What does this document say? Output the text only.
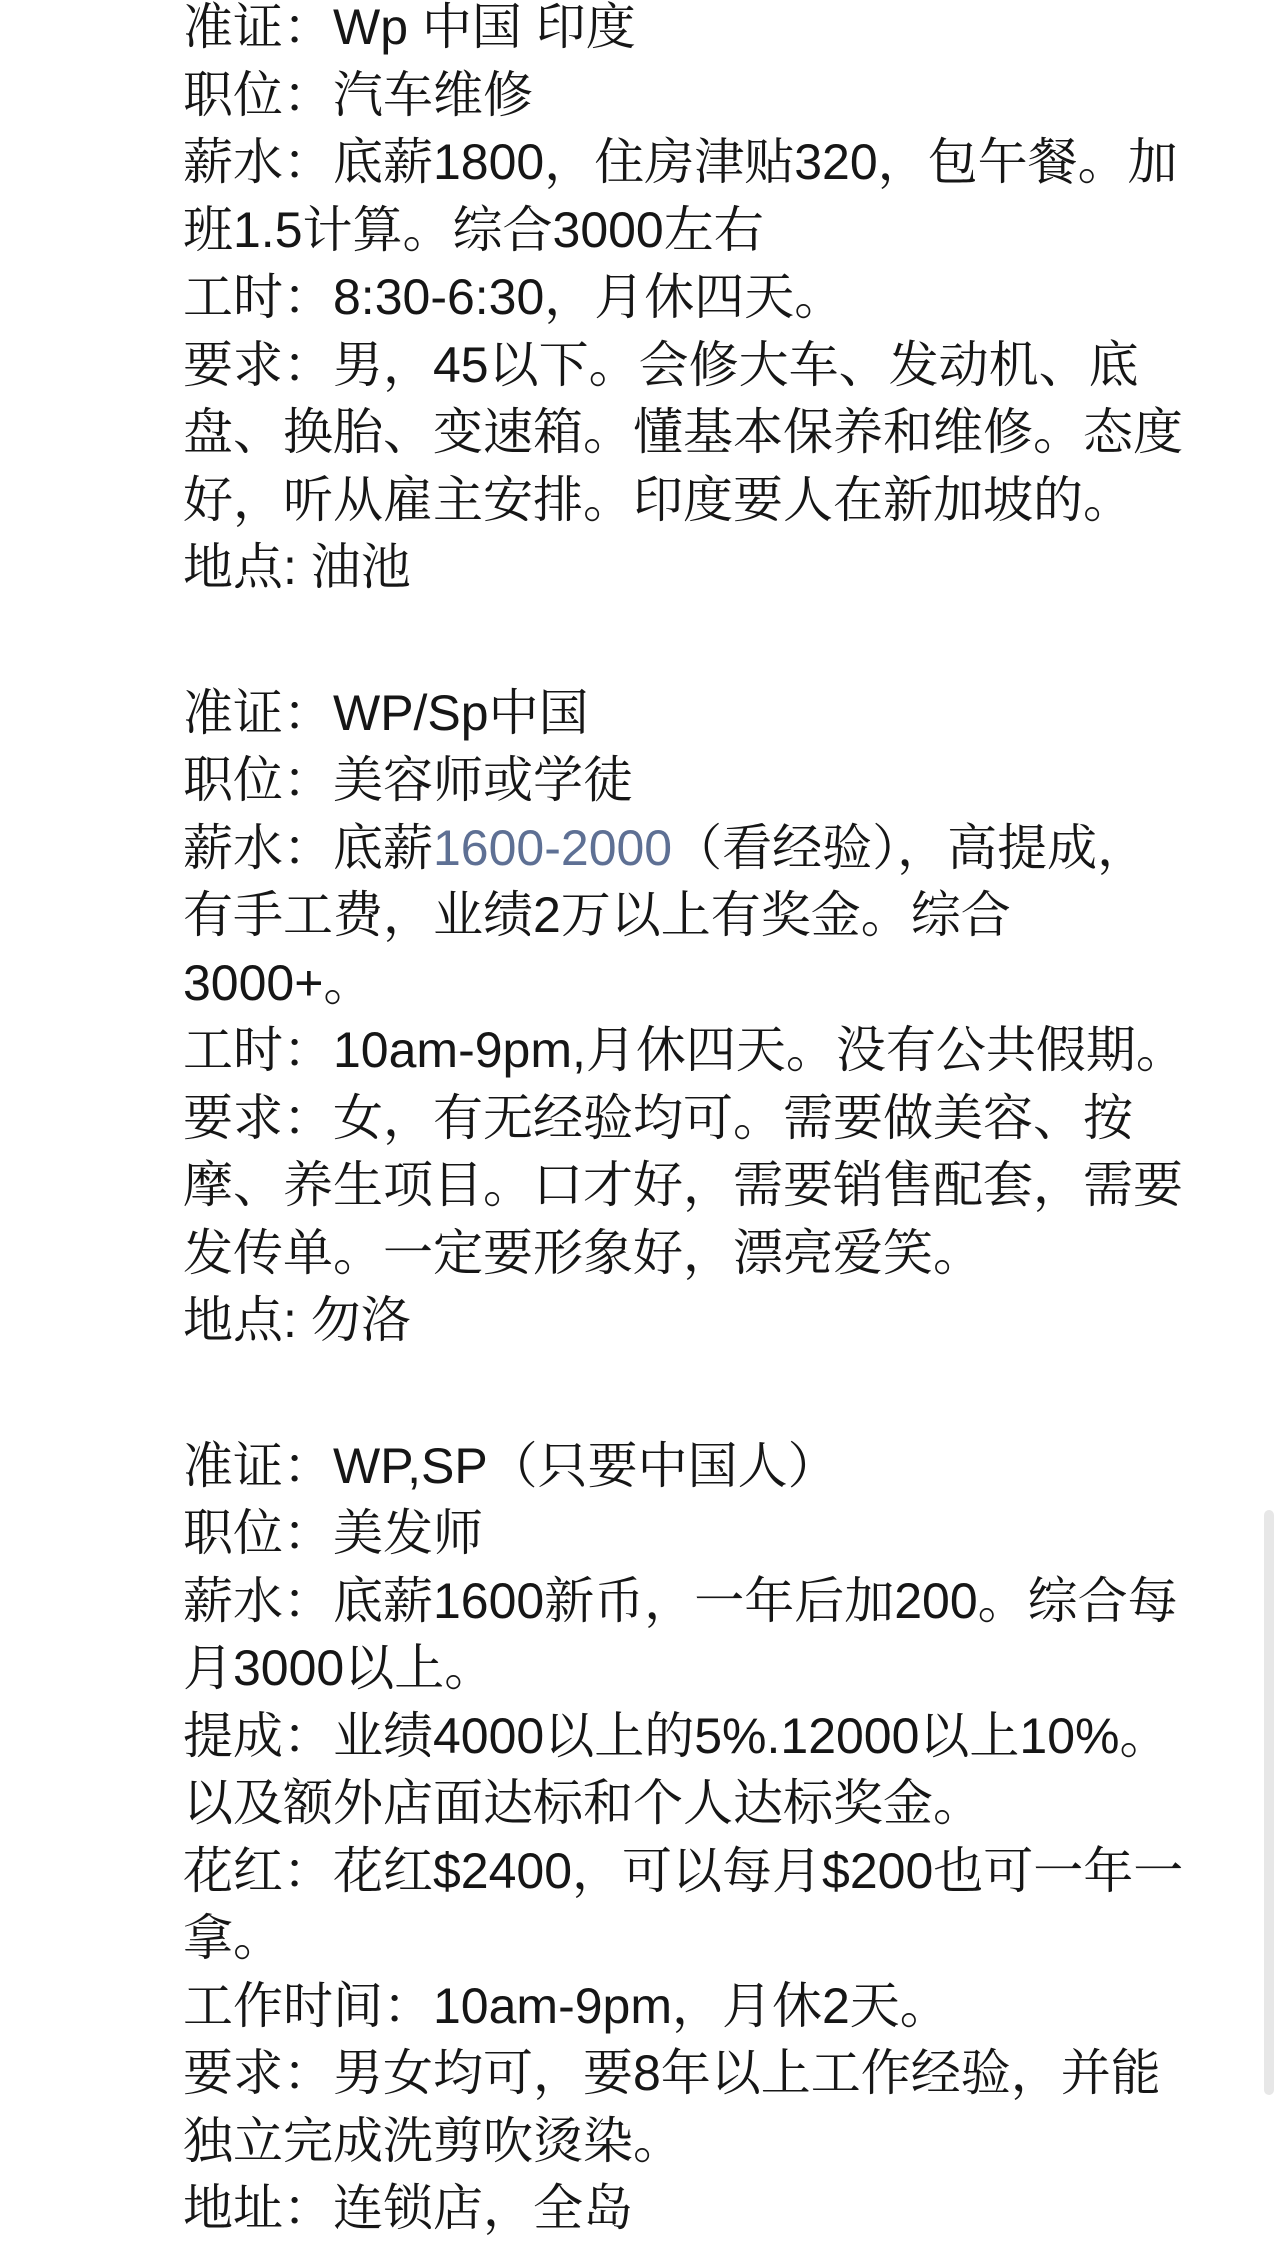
准证：Wp 中国 印度
职位：汽车维修
薪水：底薪1800，住房津贴320，包午餐。加
班1.5计算。综合3000左右
工时：8:30-6:30，月休四天。
要求：男，45以下。会修大车、发动机、底
盘、换胎、变速箱。懂基本保养和维修。态度
好，听从雇主安排。印度要人在新加坡的。
地点: 油池
准证：WP/Sp中国
职位：美容师或学徒
薪水：底薪1600-2000（看经验），高提成，
有手工费，业绩2万以上有奖金。综合
3000+。
工时：10am-9pm,月休四天。没有公共假期。
要求：女，有无经验均可。需要做美容、按
摩、养生项目。口才好，需要销售配套，需要
发传单。一定要形象好，漂亮爱笑。
地点: 勿洛
准证：WP,SP（只要中国人）
职位：美发师
薪水：底薪1600新币，一年后加200。综合每
月3000以上。
提成：业绩4000以上的5%.12000以上10%。
以及额外店面达标和个人达标奖金。
花红：花红$2400，可以每月$200也可一年一
拿。
工作时间：10am-9pm，月休2天。
要求：男女均可，要8年以上工作经验，并能
独立完成洗剪吹烫染。
地址：连锁店，全岛
